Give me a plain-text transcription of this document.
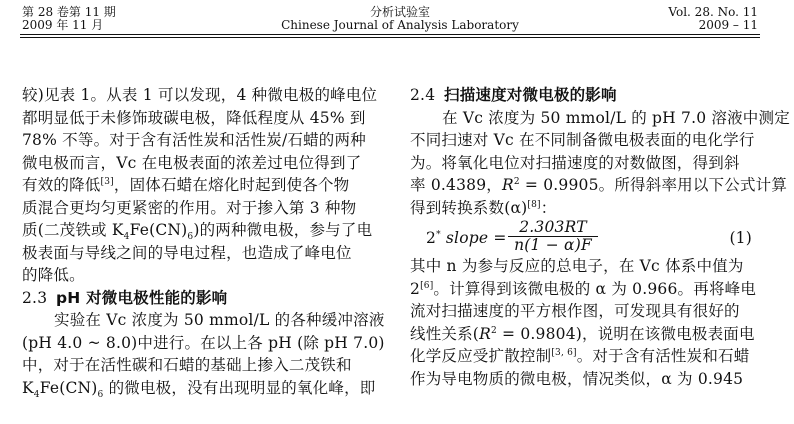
第 28 卷第 11 期
2009 年 11 月
分析试验室
Chinese Journal of Analysis Laboratory
Vol. 28. No. 11
2009 – 11
较)见表 1。从表 1 可以发现，4 种微电极的峰电位
都明显低于未修饰玻碳电极，降低程度从 45% 到
78% 不等。对于含有活性炭和活性炭/石蜡的两种
微电极而言，Vc 在电极表面的浓差过电位得到了
有效的降低[3]，固体石蜡在熔化时起到使各个物
质混合更均匀更紧密的作用。对于掺入第 3 种物
质(二茂铁或 $K_4Fe(CN)_6$)的两种微电极，参与了电
极表面与导线之间的导电过程，也造成了峰电位
的降低。
2.3 pH 对微电极性能的影响
实验在 Vc 浓度为 50 mmol/L 的各种缓冲溶液
(pH 4.0 ~ 8.0)中进行。在以上各 pH (除 pH 7.0)
中，对于在活性碳和石蜡的基础上掺入二茂铁和
$K_4Fe(CN)_6$ 的微电极，没有出现明显的氧化峰，即
2.4 扫描速度对微电极的影响
在 Vc 浓度为 50 mmol/L 的 pH 7.0 溶液中测定
不同扫速对 Vc 在不同制备微电极表面的电化学行
为。将氧化电位对扫描速度的对数做图，得到斜
率 0.4389，$R^2 = 0.9905$。所得斜率用以下公式计算
得到转换系数(α)[8]：
2* slope = $\frac{2.303RT}{n(1 - \alpha)F}$	(1)
其中 n 为参与反应的总电子，在 Vc 体系中值为
2[6]。计算得到该微电极的 α 为 0.966。再将峰电
流对扫描速度的平方根作图，可发现具有很好的
线性关系$(R^2 = 0.9804)$，说明在该微电极表面电
化学反应受扩散控制[3, 6]。对于含有活性炭和石蜡
作为导电物质的微电极，情况类似，α 为 0.945
